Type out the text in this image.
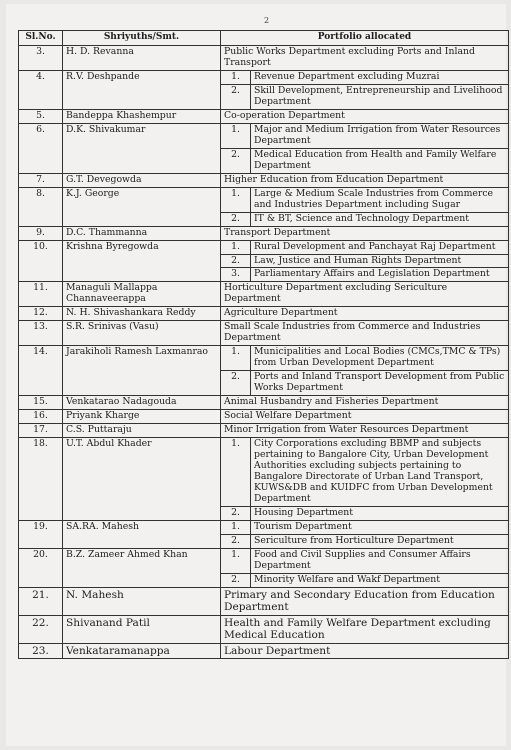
2
Sl.No.	Shriyuths/Smt.	Portfolio allocated	
3.	H. D. Revanna	Public Works Department excluding Ports and Inland Transport	
4.	R.V. Deshpande	1.	Revenue Department excluding Muzrai
		2.	Skill Development, Entrepreneurship and Livelihood Department
5.	Bandeppa Khashempur	Co-operation Department	
6.	D.K. Shivakumar	1.	Major and Medium Irrigation from Water Resources Department
		2.	Medical Education from Health and Family Welfare Department
7.	G.T. Devegowda	Higher Education from Education Department	
8.	K.J. George	1.	Large & Medium Scale Industries from Commerce and Industries Department including Sugar
		2.	IT & BT, Science and Technology Department
9.	D.C. Thammanna	Transport Department	
10.	Krishna Byregowda	1.	Rural Development and Panchayat Raj Department
		2.	Law, Justice and Human Rights Department
		3.	Parliamentary Affairs and Legislation Department
11.	Managuli Mallappa Channaveerappa	Horticulture Department excluding Sericulture Department	
12.	N. H. Shivashankara Reddy	Agriculture Department	
13.	S.R. Srinivas (Vasu)	Small Scale Industries from Commerce and Industries Department	
14.	Jarakiholi Ramesh Laxmanrao	1.	Municipalities and Local Bodies (CMCs,TMC & TPs) from Urban Development Department
		2.	Ports and Inland Transport Development from Public Works Department
15.	Venkatarao Nadagouda	Animal Husbandry and Fisheries Department	
16.	Priyank Kharge	Social Welfare Department	
17.	C.S. Puttaraju	Minor Irrigation from Water Resources Department	
18.	U.T. Abdul Khader	1.	City Corporations excluding BBMP and subjects pertaining to Bangalore City, Urban Development Authorities excluding subjects pertaining to Bangalore Directorate of Urban Land Transport, KUWS&DB and KUIDFC from Urban Development Department
		2.	Housing Department
19.	SA.RA. Mahesh	1.	Tourism Department
		2.	Sericulture from Horticulture Department
20.	B.Z. Zameer Ahmed Khan	1.	Food and Civil Supplies and Consumer Affairs Department
		2.	Minority Welfare and Wakf Department
21.	N. Mahesh	Primary and Secondary Education from Education Department	
22.	Shivanand Patil	Health and Family Welfare Department excluding Medical Education	
23.	Venkataramanappa	Labour Department	
